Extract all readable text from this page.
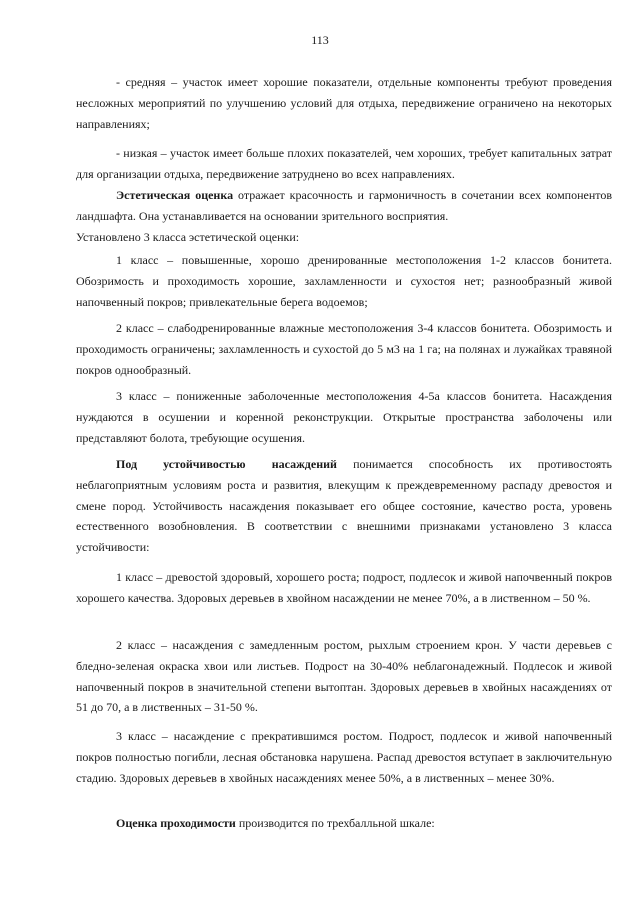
113

- средняя – участок имеет хорошие показатели, отдельные компоненты требуют проведения несложных мероприятий по улучшению условий для отдыха, передвижение ограничено на некоторых направлениях;

- низкая – участок имеет больше плохих показателей, чем хороших, требует капитальных затрат для организации отдыха, передвижение затруднено во всех направлениях.

Эстетическая оценка отражает красочность и гармоничность в сочетании всех компонентов ландшафта. Она устанавливается на основании зрительного восприятия.

Установлено 3 класса эстетической оценки:

1 класс – повышенные, хорошо дренированные местоположения 1-2 классов бонитета. Обозримость и проходимость хорошие, захламленности и сухостоя нет; разнообразный живой напочвенный покров; привлекательные берега водоемов;

2 класс – слабодренированные влажные местоположения 3-4 классов бонитета. Обозримость и проходимость ограничены; захламленность и сухостой до 5 м3 на 1 га; на полянах и лужайках травяной покров однообразный.

3 класс – пониженные заболоченные местоположения 4-5а классов бонитета. Насаждения нуждаются в осушении и коренной реконструкции. Открытые пространства заболочены или представляют болота, требующие осушения.

Под устойчивостью насаждений понимается способность их противостоять неблагоприятным условиям роста и развития, влекущим к преждевременному распаду древостоя и смене пород. Устойчивость насаждения показывает его общее состояние, качество роста, уровень естественного возобновления. В соответствии с внешними признаками установлено 3 класса устойчивости:

1 класс – древостой здоровый, хорошего роста; подрост, подлесок и живой напочвенный покров хорошего качества. Здоровых деревьев в хвойном насаждении не менее 70%, а в лиственном – 50 %.

2 класс – насаждения с замедленным ростом, рыхлым строением крон. У части деревьев с бледно-зеленая окраска хвои или листьев. Подрост на 30-40% неблагонадежный. Подлесок и живой напочвенный покров в значительной степени вытоптан. Здоровых деревьев в хвойных насаждениях от 51 до 70, а в лиственных – 31-50 %.

3 класс – насаждение с прекратившимся ростом. Подрост, подлесок и живой напочвенный покров полностью погибли, лесная обстановка нарушена. Распад древостоя вступает в заключительную стадию. Здоровых деревьев в хвойных насаждениях менее 50%, а в лиственных – менее 30%.

Оценка проходимости производится по трехбалльной шкале:
